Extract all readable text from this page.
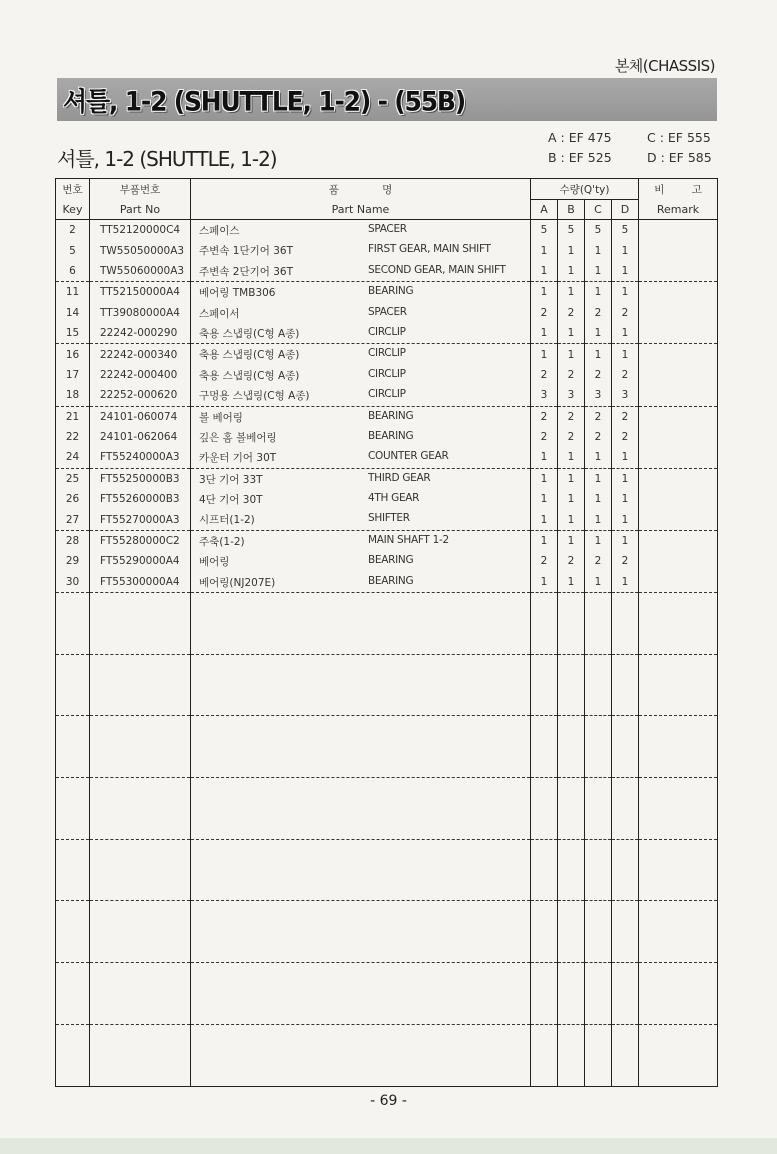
본체(CHASSIS)
셔틀, 1-2 (SHUTTLE, 1-2) - (55B)
셔틀, 1-2 (SHUTTLE, 1-2)
A : EF 475
B : EF 525
C : EF 555
D : EF 585
번호	부품번호	품 명	수량(Q'ty)				비 고
Key	Part No	Part Name	A	B	C	D	Remark
2	TT52120000C4	스페이스 SPACER	5	5	5	5	
5	TW55050000A3	주변속 1단기어 36T FIRST GEAR, MAIN SHIFT	1	1	1	1	
6	TW55060000A3	주변속 2단기어 36T SECOND GEAR, MAIN SHIFT	1	1	1	1	
11	TT52150000A4	베어링 TMB306 BEARING	1	1	1	1	
14	TT39080000A4	스페이서 SPACER	2	2	2	2	
15	22242-000290	축용 스냅링(C형 A종) CIRCLIP	1	1	1	1	
16	22242-000340	축용 스냅링(C형 A종) CIRCLIP	1	1	1	1	
17	22242-000400	축용 스냅링(C형 A종) CIRCLIP	2	2	2	2	
18	22252-000620	구멍용 스냅링(C형 A종) CIRCLIP	3	3	3	3	
21	24101-060074	볼 베어링 BEARING	2	2	2	2	
22	24101-062064	깊은 홈 볼베어링 BEARING	2	2	2	2	
24	FT55240000A3	카운터 기어 30T COUNTER GEAR	1	1	1	1	
25	FT55250000B3	3단 기어 33T THIRD GEAR	1	1	1	1	
26	FT55260000B3	4단 기어 30T 4TH GEAR	1	1	1	1	
27	FT55270000A3	시프터(1-2) SHIFTER	1	1	1	1	
28	FT55280000C2	주축(1-2) MAIN SHAFT 1-2	1	1	1	1	
29	FT55290000A4	베어링 BEARING	2	2	2	2	
30	FT55300000A4	베어링(NJ207E) BEARING	1	1	1	1	

- 69 -
